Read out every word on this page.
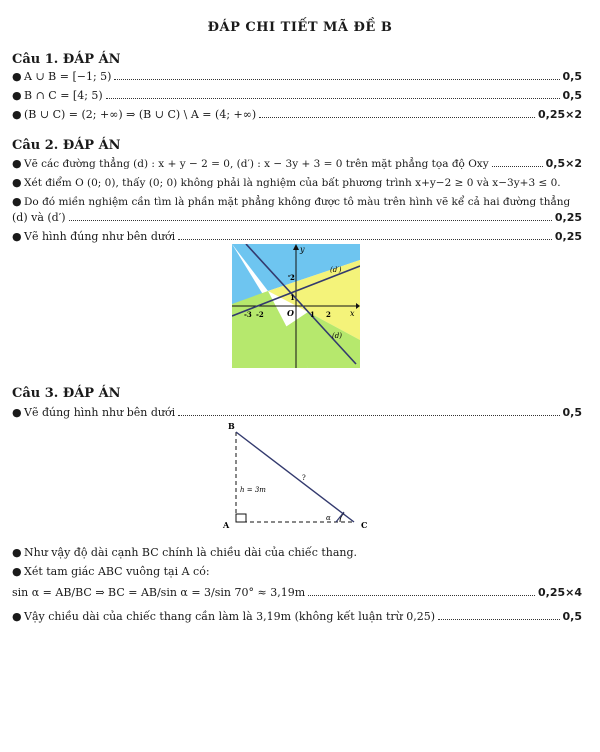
ĐÁP CHI TIẾT MÃ ĐỀ B
Câu 1. ĐÁP ÁN
● A ∪ B = [−1; 5)	0,5
● B ∩ C = [4; 5)	0,5
● (B ∪ C) = (2; +∞) ⇒ (B ∪ C) \ A = (4; +∞)	0,25×2
Câu 2. ĐÁP ÁN
● Vẽ các đường thẳng (d) : x + y − 2 = 0, (d′) : x − 3y + 3 = 0 trên mặt phẳng tọa độ Oxy	0,5×2
● Xét điểm O (0; 0), thấy (0; 0) không phải là nghiệm của bất phương trình x+y−2 ≥ 0 và x−3y+3 ≤ 0.
● Do đó miền nghiệm cần tìm là phần mặt phẳng không được tô màu trên hình vẽ kể cả hai đường thẳng
(d) và (d′)	0,25
● Vẽ hình đúng như bên dưới	0,25
y
x
O
-3 -2	1 2
1
2
(d′)
(d)
Câu 3. ĐÁP ÁN
● Vẽ đúng hình như bên dưới	0,5
B
A	C
h = 3m
?
α
● Như vậy độ dài cạnh BC chính là chiều dài của chiếc thang.
● Xét tam giác ABC vuông tại A có:
sin α = AB/BC ⇒ BC = AB/sin α = 3/sin 70° ≈ 3,19m	0,25×4
● Vậy chiều dài của chiếc thang cần làm là 3,19m (không kết luận trừ 0,25)	0,5
